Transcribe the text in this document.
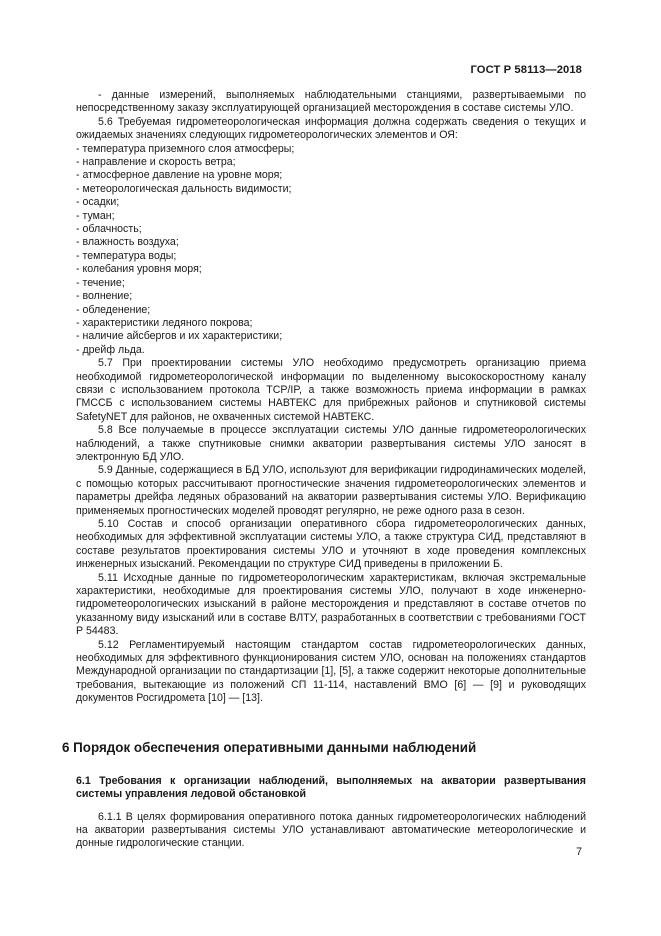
ГОСТ Р 58113—2018

- данные измерений, выполняемых наблюдательными станциями, развертываемыми по непосредственному заказу эксплуатирующей организацией месторождения в составе системы УЛО.

5.6 Требуемая гидрометеорологическая информация должна содержать сведения о текущих и ожидаемых значениях следующих гидрометеорологических элементов и ОЯ:

- температура приземного слоя атмосферы;
- направление и скорость ветра;
- атмосферное давление на уровне моря;
- метеорологическая дальность видимости;
- осадки;
- туман;
- облачность;
- влажность воздуха;
- температура воды;
- колебания уровня моря;
- течение;
- волнение;
- обледенение;
- характеристики ледяного покрова;
- наличие айсбергов и их характеристики;
- дрейф льда.

5.7 При проектировании системы УЛО необходимо предусмотреть организацию приема необходимой гидрометеорологической информации по выделенному высокоскоростному каналу связи с использованием протокола TCP/IP, а также возможность приема информации в рамках ГМССБ с использованием системы НАВТЕКС для прибрежных районов и спутниковой системы SafetyNET для районов, не охваченных системой НАВТЕКС.

5.8 Все получаемые в процессе эксплуатации системы УЛО данные гидрометеорологических наблюдений, а также спутниковые снимки акватории развертывания системы УЛО заносят в электронную БД УЛО.

5.9 Данные, содержащиеся в БД УЛО, используют для верификации гидродинамических моделей, с помощью которых рассчитывают прогностические значения гидрометеорологических элементов и параметры дрейфа ледяных образований на акватории развертывания системы УЛО. Верификацию применяемых прогностических моделей проводят регулярно, не реже одного раза в сезон.

5.10 Состав и способ организации оперативного сбора гидрометеорологических данных, необходимых для эффективной эксплуатации системы УЛО, а также структура СИД, представляют в составе результатов проектирования системы УЛО и уточняют в ходе проведения комплексных инженерных изысканий. Рекомендации по структуре СИД приведены в приложении Б.

5.11 Исходные данные по гидрометеорологическим характеристикам, включая экстремальные характеристики, необходимые для проектирования системы УЛО, получают в ходе инженерно-гидрометеорологических изысканий в районе месторождения и представляют в составе отчетов по указанному виду изысканий или в составе ВЛТУ, разработанных в соответствии с требованиями ГОСТ Р 54483.

5.12 Регламентируемый настоящим стандартом состав гидрометеорологических данных, необходимых для эффективного функционирования систем УЛО, основан на положениях стандартов Международной организации по стандартизации [1], [5], а также содержит некоторые дополнительные требования, вытекающие из положений СП 11-114, наставлений ВМО [6] — [9] и руководящих документов Росгидромета [10] — [13].

6 Порядок обеспечения оперативными данными наблюдений

6.1 Требования к организации наблюдений, выполняемых на акватории развертывания системы управления ледовой обстановкой

6.1.1 В целях формирования оперативного потока данных гидрометеорологических наблюдений на акватории развертывания системы УЛО устанавливают автоматические метеорологические и донные гидрологические станции.

7
